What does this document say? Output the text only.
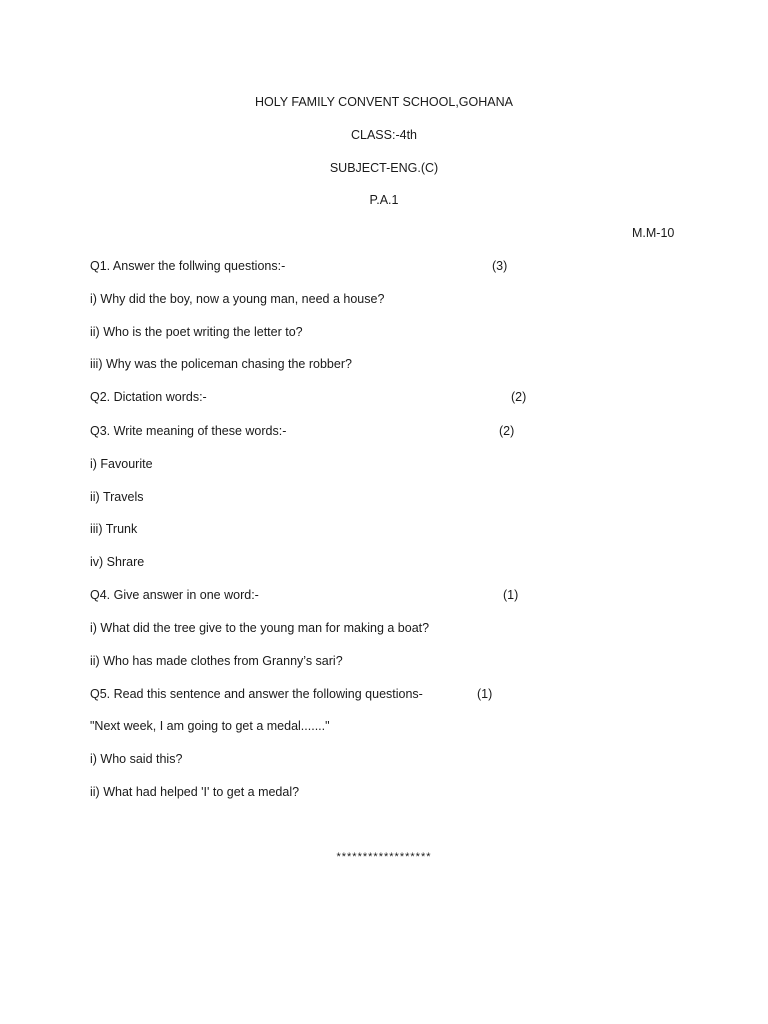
HOLY FAMILY CONVENT SCHOOL,GOHANA
CLASS:-4th
SUBJECT-ENG.(C)
P.A.1
M.M-10
Q1. Answer the follwing questions:-	(3)
i) Why did the boy, now a young man, need a house?
ii) Who is the poet writing the letter to?
iii) Why was the policeman chasing the robber?
Q2. Dictation words:-	(2)
Q3. Write meaning of these words:-	(2)
i) Favourite
ii) Travels
iii) Trunk
iv) Shrare
Q4. Give answer in one word:-	(1)
i) What did the tree give to the young man for making a boat?
ii) Who has made clothes from Granny’s sari?
Q5. Read this sentence and answer the following questions-	(1)
"Next week, I am going to get a medal......."
i) Who said this?
ii) What had helped 'I' to get a medal?
******************
